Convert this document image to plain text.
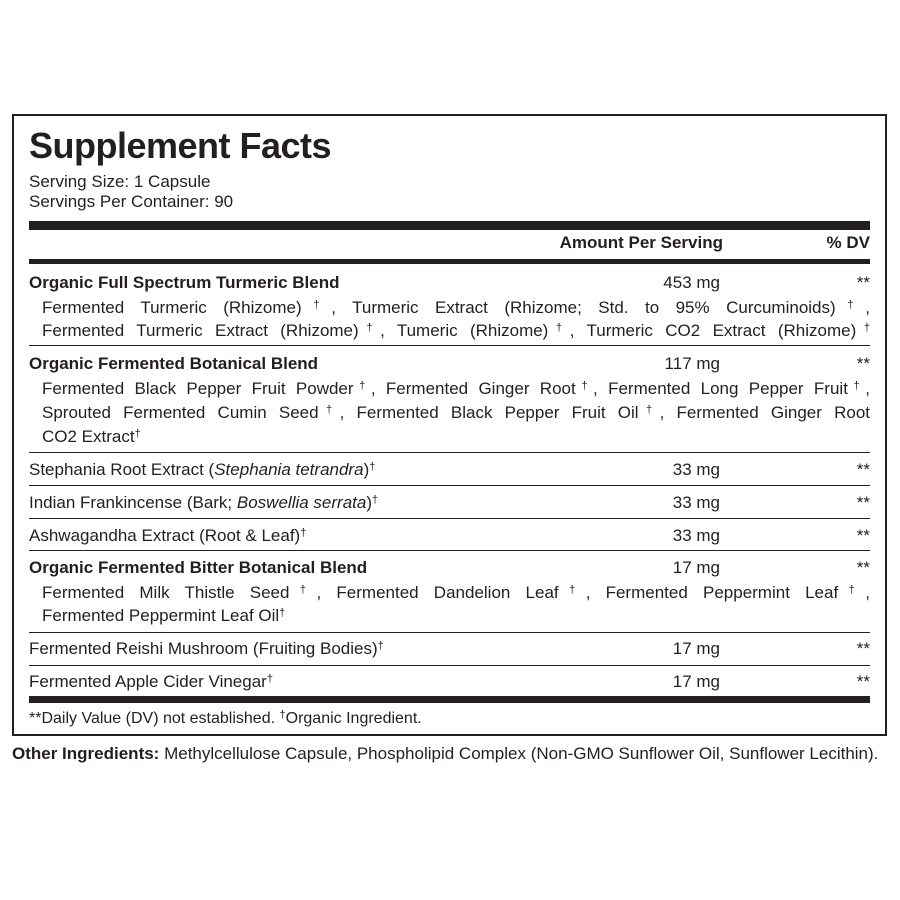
Supplement Facts
Serving Size: 1 Capsule
Servings Per Container: 90
Amount Per Serving	% DV
Organic Full Spectrum Turmeric Blend	453 mg	**
Fermented Turmeric (Rhizome)†, Turmeric Extract (Rhizome; Std. to 95% Curcuminoids)†,
Fermented Turmeric Extract (Rhizome)†, Tumeric (Rhizome)†, Turmeric CO2 Extract (Rhizome)†
Organic Fermented Botanical Blend	117 mg	**
Fermented Black Pepper Fruit Powder†, Fermented Ginger Root†, Fermented Long Pepper Fruit†,
Sprouted Fermented Cumin Seed†, Fermented Black Pepper Fruit Oil†, Fermented Ginger Root
CO2 Extract†
Stephania Root Extract (Stephania tetrandra)†	33 mg	**
Indian Frankincense (Bark; Boswellia serrata)†	33 mg	**
Ashwagandha Extract (Root & Leaf)†	33 mg	**
Organic Fermented Bitter Botanical Blend	17 mg	**
Fermented Milk Thistle Seed†, Fermented Dandelion Leaf†, Fermented Peppermint Leaf†,
Fermented Peppermint Leaf Oil†
Fermented Reishi Mushroom (Fruiting Bodies)†	17 mg	**
Fermented Apple Cider Vinegar†	17 mg	**
**Daily Value (DV) not established. †Organic Ingredient.
Other Ingredients: Methylcellulose Capsule, Phospholipid Complex (Non-GMO Sunflower Oil, Sunflower Lecithin).
